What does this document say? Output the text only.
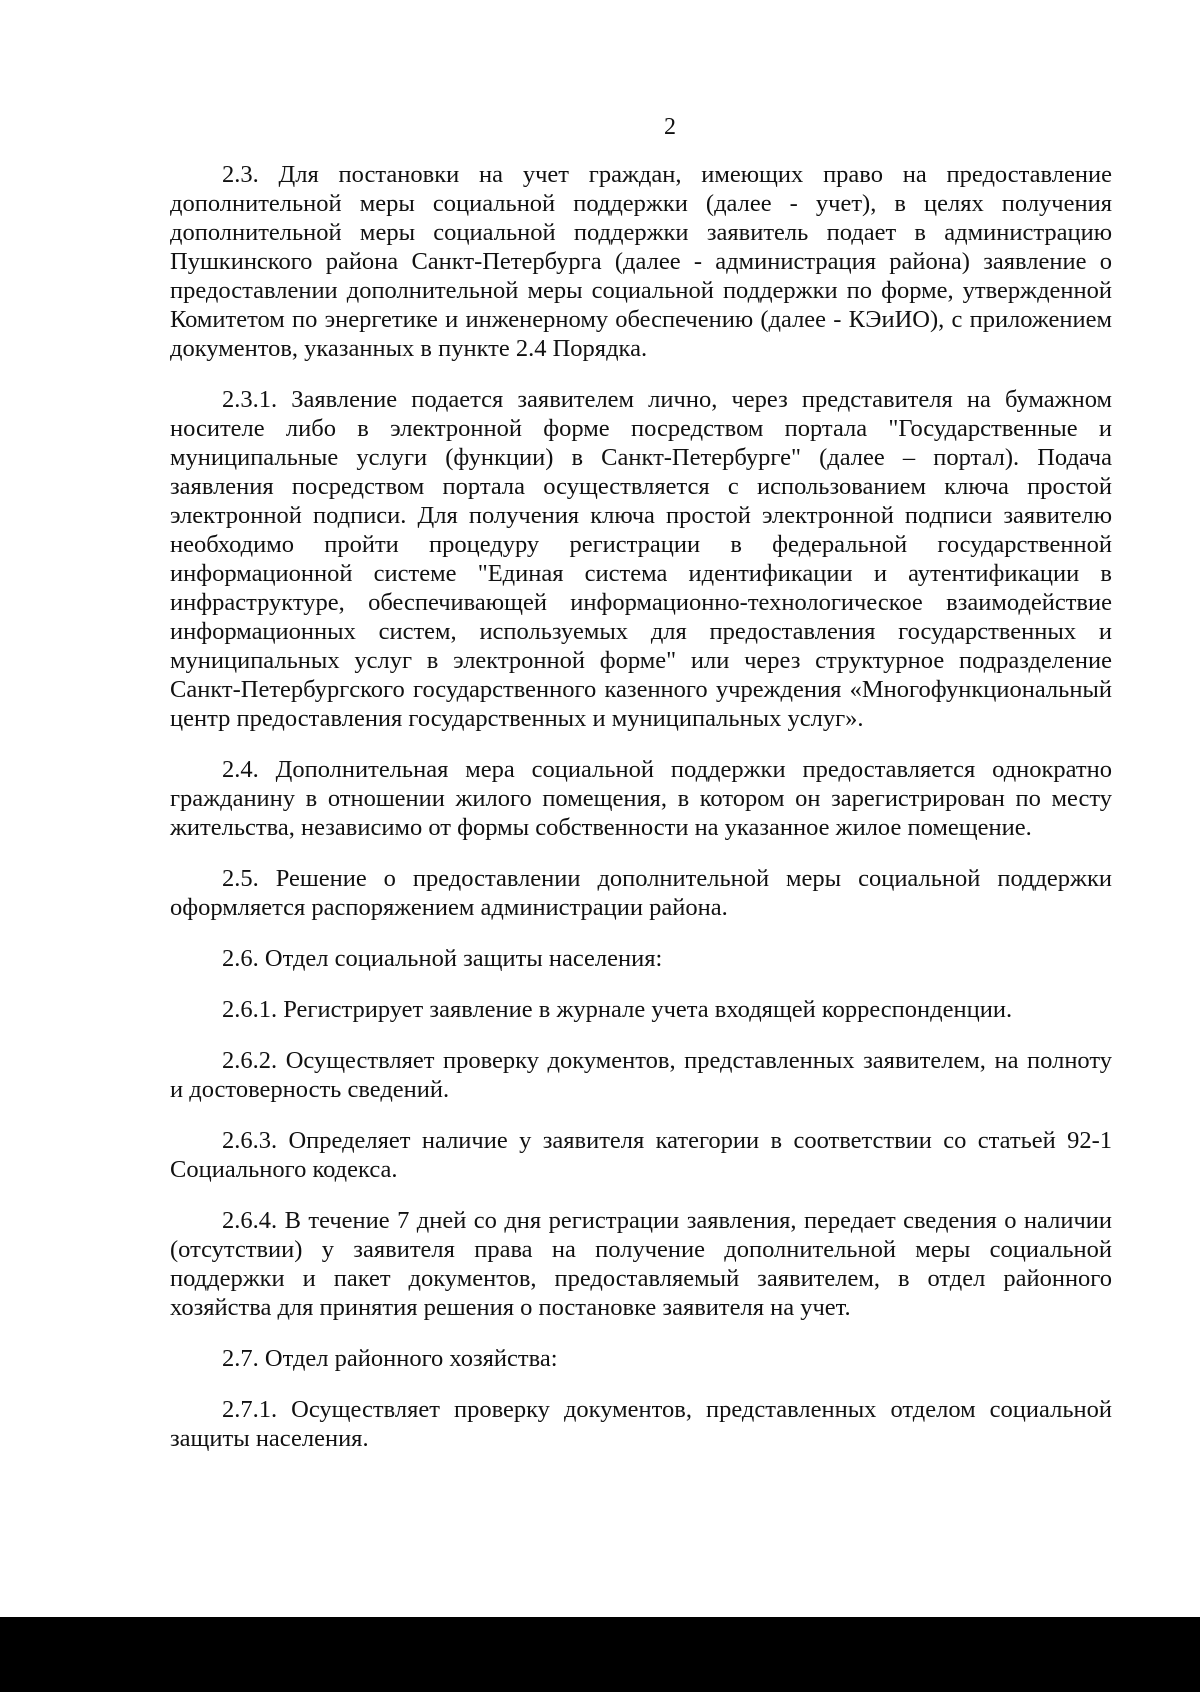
2

2.3. Для постановки на учет граждан, имеющих право на предоставление дополнительной меры социальной поддержки (далее - учет), в целях получения дополнительной меры социальной поддержки заявитель подает в администрацию Пушкинского района Санкт-Петербурга (далее - администрация района) заявление о предоставлении дополнительной меры социальной поддержки по форме, утвержденной Комитетом по энергетике и инженерному обеспечению (далее - КЭиИО), с приложением документов, указанных в пункте 2.4 Порядка.

2.3.1. Заявление подается заявителем лично, через представителя на бумажном носителе либо в электронной форме посредством портала "Государственные и муниципальные услуги (функции) в Санкт-Петербурге" (далее – портал). Подача заявления посредством портала осуществляется с использованием ключа простой электронной подписи. Для получения ключа простой электронной подписи заявителю необходимо пройти процедуру регистрации в федеральной государственной информационной системе "Единая система идентификации и аутентификации в инфраструктуре, обеспечивающей информационно-технологическое взаимодействие информационных систем, используемых для предоставления государственных и муниципальных услуг в электронной форме" или через структурное подразделение Санкт-Петербургского государственного казенного учреждения «Многофункциональный центр предоставления государственных и муниципальных услуг».

2.4. Дополнительная мера социальной поддержки предоставляется однократно гражданину в отношении жилого помещения, в котором он зарегистрирован по месту жительства, независимо от формы собственности на указанное жилое помещение.

2.5. Решение о предоставлении дополнительной меры социальной поддержки оформляется распоряжением администрации района.

2.6. Отдел социальной защиты населения:

2.6.1. Регистрирует заявление в журнале учета входящей корреспонденции.

2.6.2. Осуществляет проверку документов, представленных заявителем, на полноту и достоверность сведений.

2.6.3. Определяет наличие у заявителя категории в соответствии со статьей 92-1 Социального кодекса.

2.6.4. В течение 7 дней со дня регистрации заявления, передает сведения о наличии (отсутствии) у заявителя права на получение дополнительной меры социальной поддержки и пакет документов, предоставляемый заявителем, в отдел районного хозяйства для принятия решения о постановке заявителя на учет.

2.7. Отдел районного хозяйства:

2.7.1. Осуществляет проверку документов, представленных отделом социальной защиты населения.
